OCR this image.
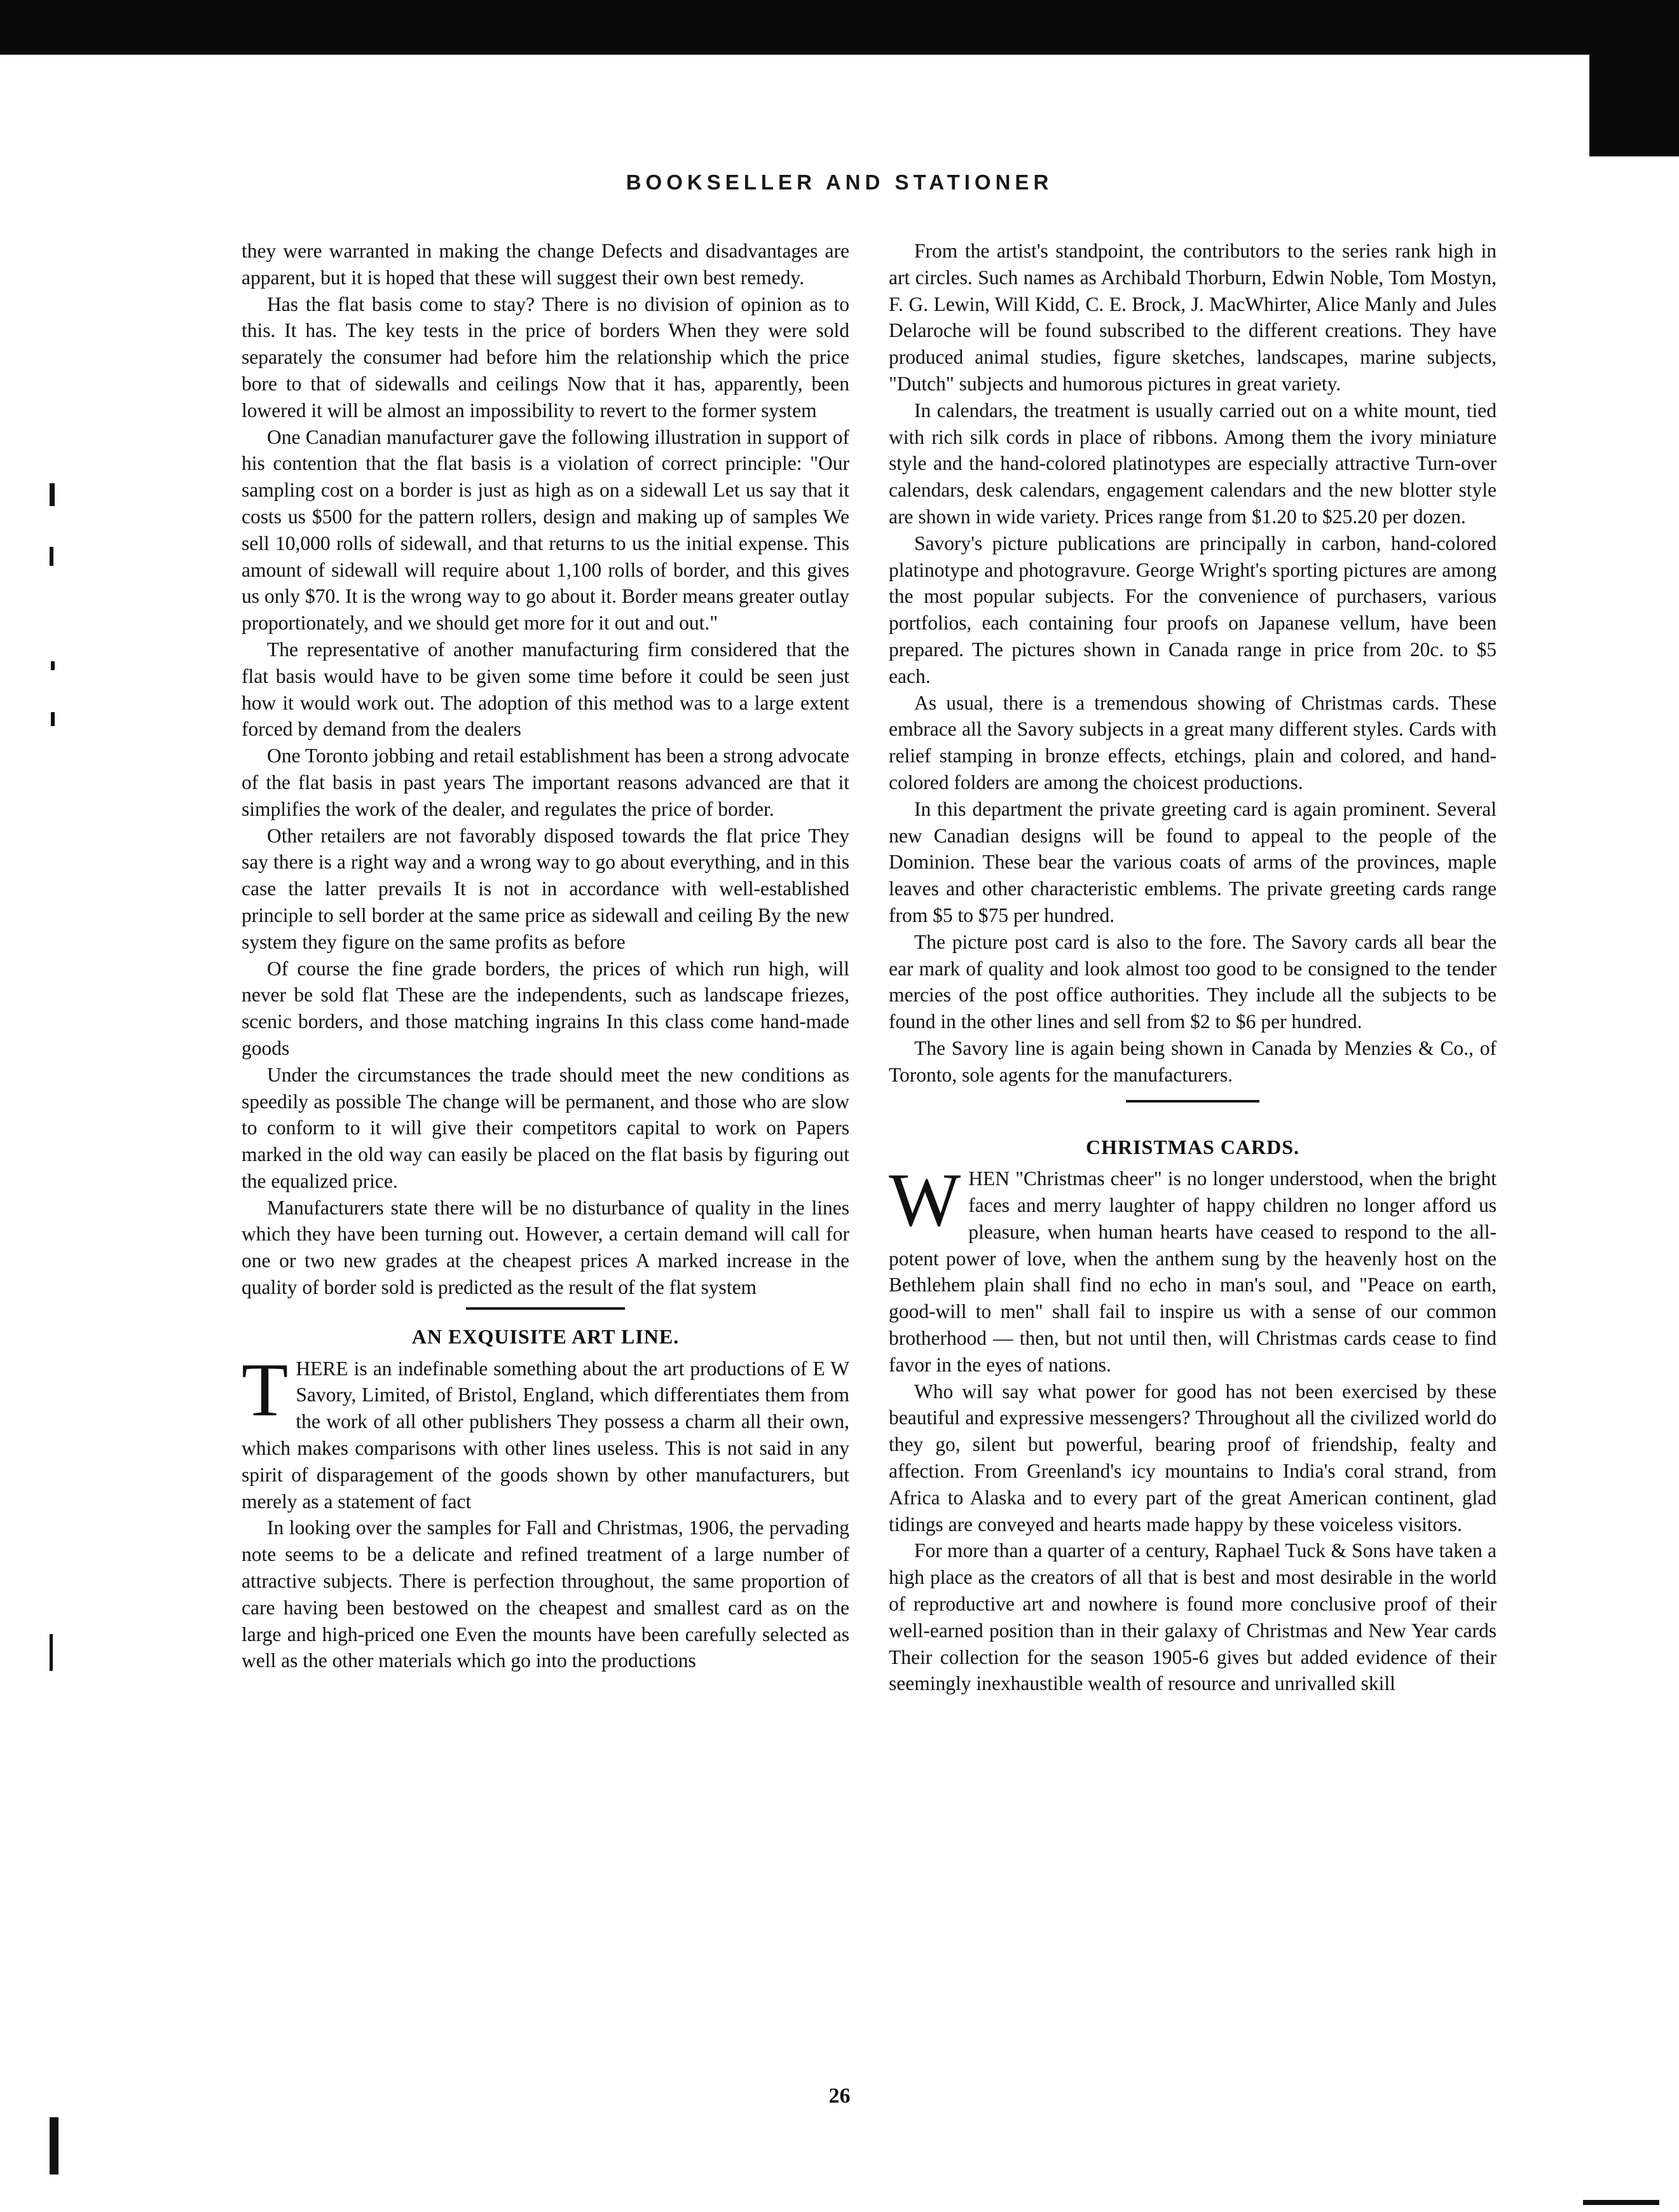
BOOKSELLER AND STATIONER

they were warranted in making the change Defects and disadvantages are apparent, but it is hoped that these will suggest their own best remedy.

Has the flat basis come to stay? There is no division of opinion as to this. It has. The key tests in the price of borders When they were sold separately the consumer had before him the relationship which the price bore to that of sidewalls and ceilings Now that it has, apparently, been lowered it will be almost an impossibility to revert to the former system

One Canadian manufacturer gave the following illustration in support of his contention that the flat basis is a violation of correct principle: "Our sampling cost on a border is just as high as on a sidewall Let us say that it costs us $500 for the pattern rollers, design and making up of samples We sell 10,000 rolls of sidewall, and that returns to us the initial expense. This amount of sidewall will require about 1,100 rolls of border, and this gives us only $70. It is the wrong way to go about it. Border means greater outlay proportionately, and we should get more for it out and out."

The representative of another manufacturing firm considered that the flat basis would have to be given some time before it could be seen just how it would work out. The adoption of this method was to a large extent forced by demand from the dealers

One Toronto jobbing and retail establishment has been a strong advocate of the flat basis in past years The important reasons advanced are that it simplifies the work of the dealer, and regulates the price of border.

Other retailers are not favorably disposed towards the flat price They say there is a right way and a wrong way to go about everything, and in this case the latter prevails It is not in accordance with well-established principle to sell border at the same price as sidewall and ceiling By the new system they figure on the same profits as before

Of course the fine grade borders, the prices of which run high, will never be sold flat These are the independents, such as landscape friezes, scenic borders, and those matching ingrains In this class come hand-made goods

Under the circumstances the trade should meet the new conditions as speedily as possible The change will be permanent, and those who are slow to conform to it will give their competitors capital to work on Papers marked in the old way can easily be placed on the flat basis by figuring out the equalized price.

Manufacturers state there will be no disturbance of quality in the lines which they have been turning out. However, a certain demand will call for one or two new grades at the cheapest prices A marked increase in the quality of border sold is predicted as the result of the flat system

AN EXQUISITE ART LINE.

THERE is an indefinable something about the art productions of E W Savory, Limited, of Bristol, England, which differentiates them from the work of all other publishers They possess a charm all their own, which makes comparisons with other lines useless. This is not said in any spirit of disparagement of the goods shown by other manufacturers, but merely as a statement of fact

In looking over the samples for Fall and Christmas, 1906, the pervading note seems to be a delicate and refined treatment of a large number of attractive subjects. There is perfection throughout, the same proportion of care having been bestowed on the cheapest and smallest card as on the large and high-priced one Even the mounts have been carefully selected as well as the other materials which go into the productions

From the artist's standpoint, the contributors to the series rank high in art circles. Such names as Archibald Thorburn, Edwin Noble, Tom Mostyn, F. G. Lewin, Will Kidd, C. E. Brock, J. MacWhirter, Alice Manly and Jules Delaroche will be found subscribed to the different creations. They have produced animal studies, figure sketches, landscapes, marine subjects, "Dutch" subjects and humorous pictures in great variety.

In calendars, the treatment is usually carried out on a white mount, tied with rich silk cords in place of ribbons. Among them the ivory miniature style and the hand-colored platinotypes are especially attractive Turn-over calendars, desk calendars, engagement calendars and the new blotter style are shown in wide variety. Prices range from $1.20 to $25.20 per dozen.

Savory's picture publications are principally in carbon, hand-colored platinotype and photogravure. George Wright's sporting pictures are among the most popular subjects. For the convenience of purchasers, various portfolios, each containing four proofs on Japanese vellum, have been prepared. The pictures shown in Canada range in price from 20c. to $5 each.

As usual, there is a tremendous showing of Christmas cards. These embrace all the Savory subjects in a great many different styles. Cards with relief stamping in bronze effects, etchings, plain and colored, and hand-colored folders are among the choicest productions.

In this department the private greeting card is again prominent. Several new Canadian designs will be found to appeal to the people of the Dominion. These bear the various coats of arms of the provinces, maple leaves and other characteristic emblems. The private greeting cards range from $5 to $75 per hundred.

The picture post card is also to the fore. The Savory cards all bear the ear mark of quality and look almost too good to be consigned to the tender mercies of the post office authorities. They include all the subjects to be found in the other lines and sell from $2 to $6 per hundred.

The Savory line is again being shown in Canada by Menzies & Co., of Toronto, sole agents for the manufacturers.

CHRISTMAS CARDS.

WHEN "Christmas cheer" is no longer understood, when the bright faces and merry laughter of happy children no longer afford us pleasure, when human hearts have ceased to respond to the all-potent power of love, when the anthem sung by the heavenly host on the Bethlehem plain shall find no echo in man's soul, and "Peace on earth, good-will to men" shall fail to inspire us with a sense of our common brotherhood — then, but not until then, will Christmas cards cease to find favor in the eyes of nations.

Who will say what power for good has not been exercised by these beautiful and expressive messengers? Throughout all the civilized world do they go, silent but powerful, bearing proof of friendship, fealty and affection. From Greenland's icy mountains to India's coral strand, from Africa to Alaska and to every part of the great American continent, glad tidings are conveyed and hearts made happy by these voiceless visitors.

For more than a quarter of a century, Raphael Tuck & Sons have taken a high place as the creators of all that is best and most desirable in the world of reproductive art and nowhere is found more conclusive proof of their well-earned position than in their galaxy of Christmas and New Year cards Their collection for the season 1905-6 gives but added evidence of their seemingly inexhaustible wealth of resource and unrivalled skill

26
